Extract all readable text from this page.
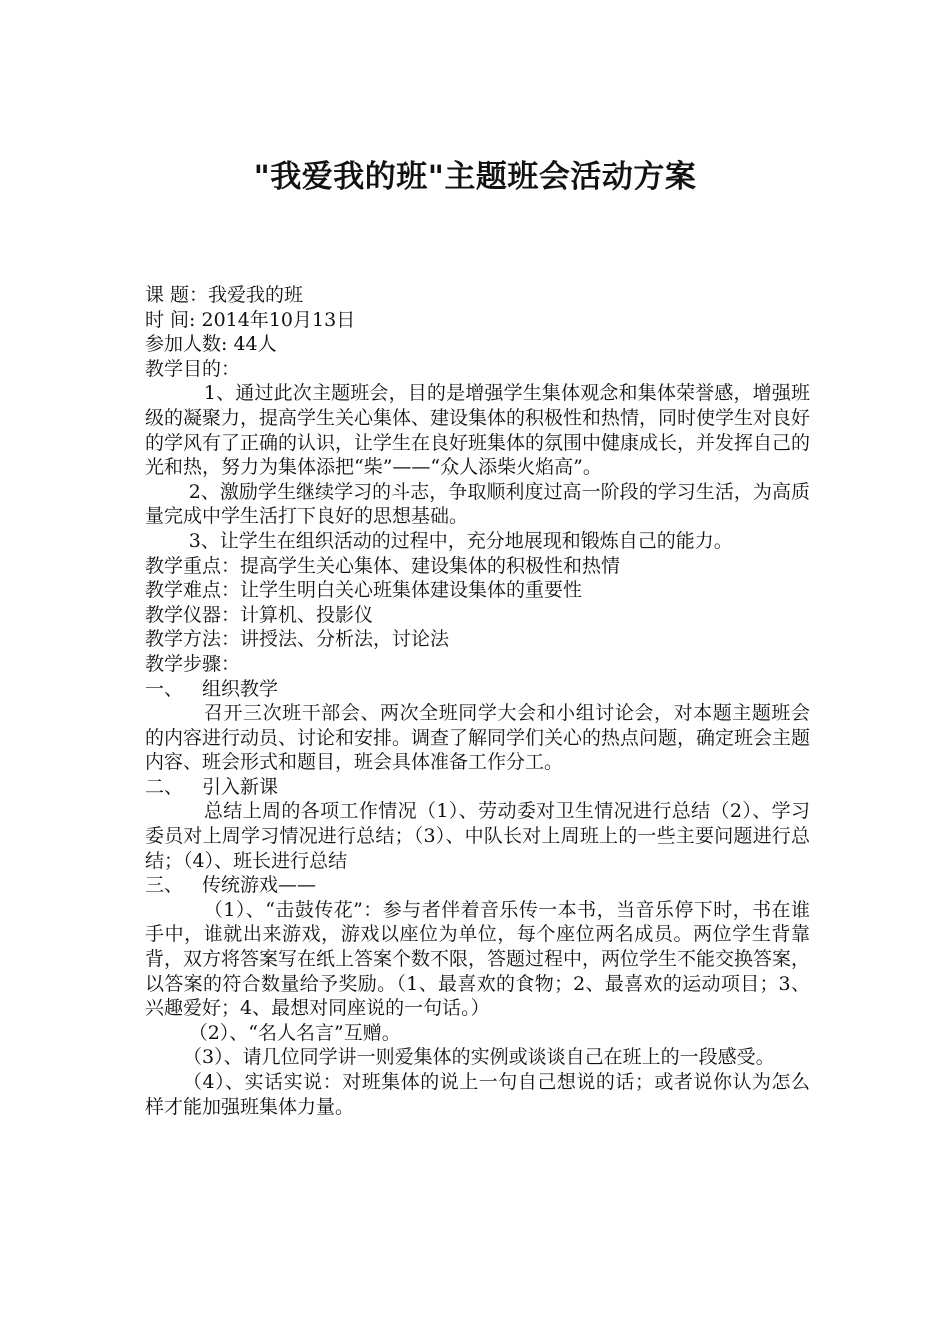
"我爱我的班"主题班会活动方案

课 题：我爱我的班

时 间: 2014年10月13日

参加人数: 44人

教学目的：

1、通过此次主题班会，目的是增强学生集体观念和集体荣誉感，增强班级的凝聚力，提高学生关心集体、建设集体的积极性和热情，同时使学生对良好的学风有了正确的认识，让学生在良好班集体的氛围中健康成长，并发挥自己的光和热，努力为集体添把“柴”——“众人添柴火焰高”。

2、激励学生继续学习的斗志，争取顺利度过高一阶段的学习生活，为高质量完成中学生活打下良好的思想基础。

3、让学生在组织活动的过程中，充分地展现和锻炼自己的能力。

教学重点：提高学生关心集体、建设集体的积极性和热情

教学难点：让学生明白关心班集体建设集体的重要性

教学仪器：计算机、投影仪

教学方法：讲授法、分析法，讨论法

教学步骤：

一、 组织教学

召开三次班干部会、两次全班同学大会和小组讨论会，对本题主题班会的内容进行动员、讨论和安排。调查了解同学们关心的热点问题，确定班会主题内容、班会形式和题目，班会具体准备工作分工。

二、 引入新课

总结上周的各项工作情况（1）、劳动委对卫生情况进行总结（2）、学习委员对上周学习情况进行总结；（3）、中队长对上周班上的一些主要问题进行总结；（4）、班长进行总结

三、 传统游戏——

（1）、“击鼓传花”：参与者伴着音乐传一本书，当音乐停下时，书在谁手中，谁就出来游戏，游戏以座位为单位，每个座位两名成员。两位学生背靠背，双方将答案写在纸上答案个数不限，答题过程中，两位学生不能交换答案，以答案的符合数量给予奖励。（1、最喜欢的食物；2、最喜欢的运动项目；3、兴趣爱好；4、最想对同座说的一句话。）

（2）、“名人名言”互赠。

（3）、请几位同学讲一则爱集体的实例或谈谈自己在班上的一段感受。

（4）、实话实说：对班集体的说上一句自己想说的话；或者说你认为怎么样才能加强班集体力量。
